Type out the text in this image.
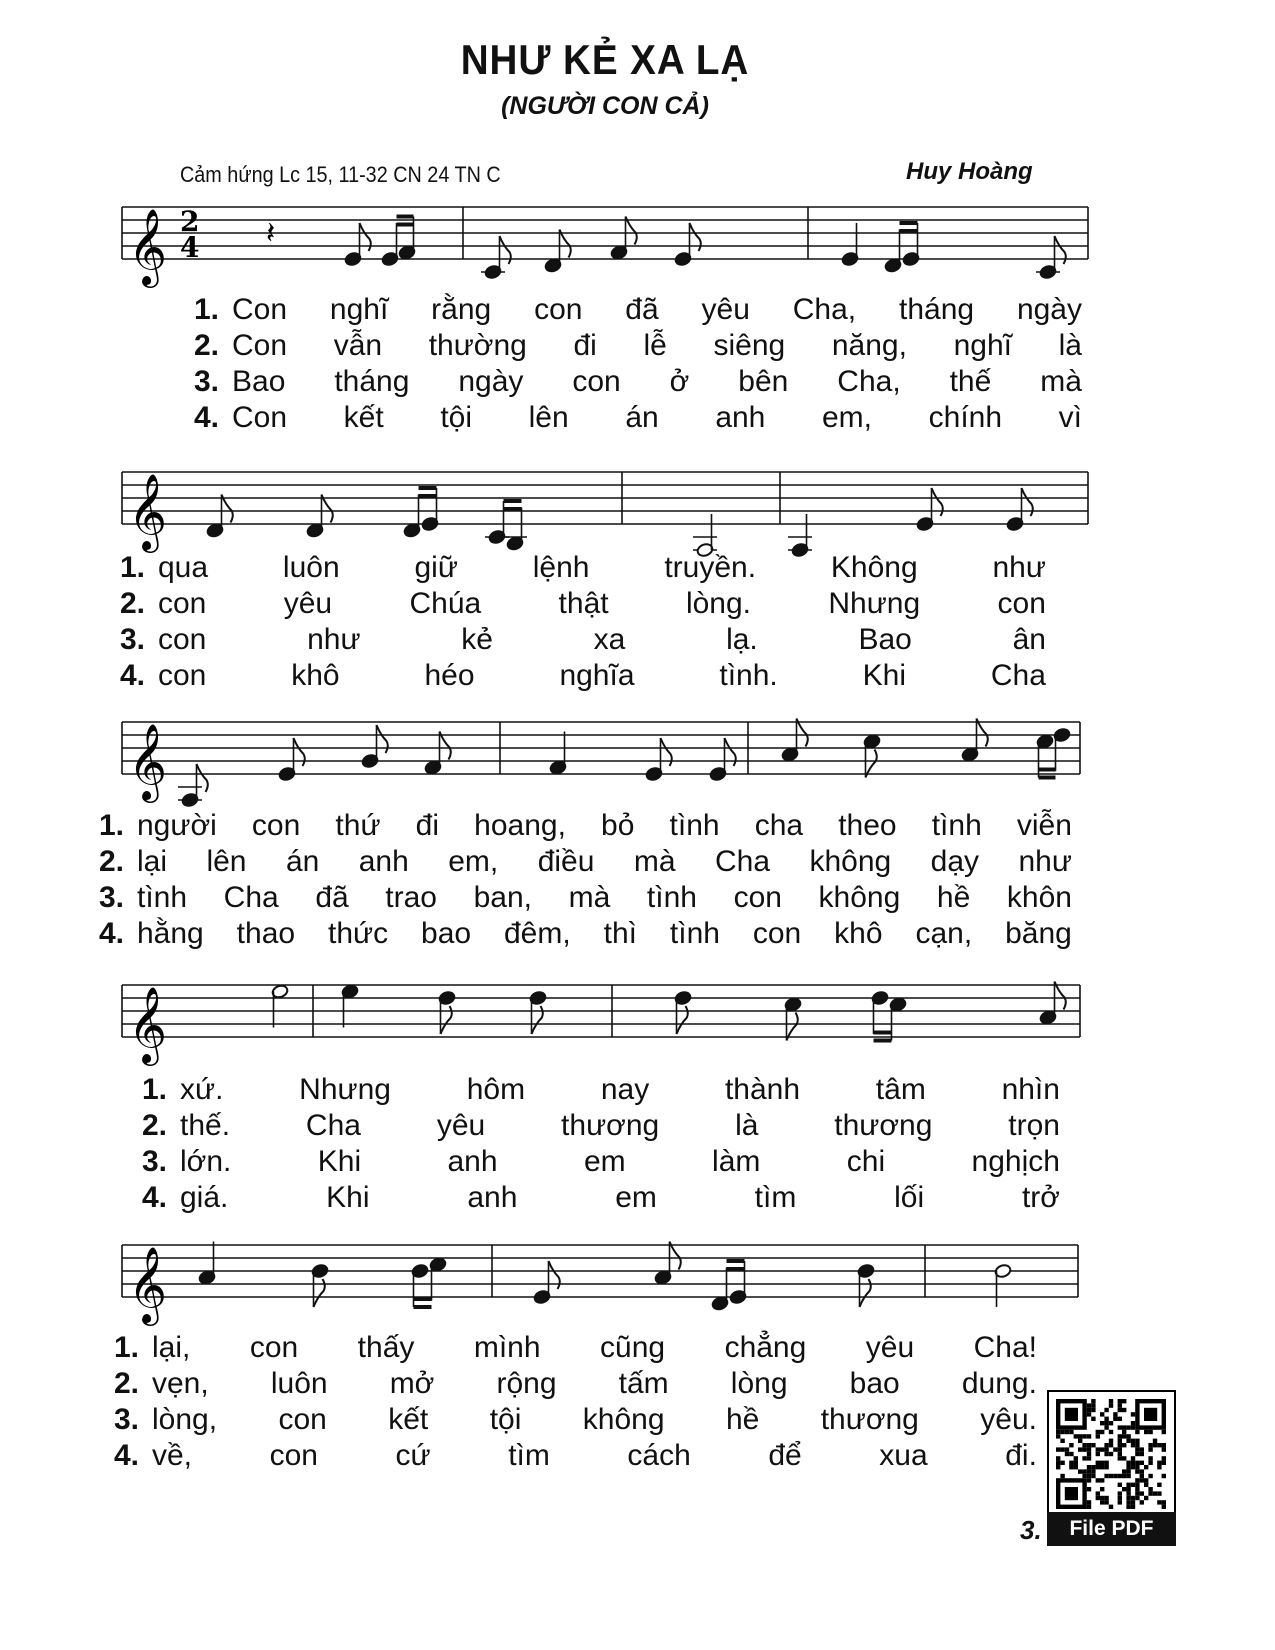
NHƯ KẺ XA LẠ
(NGƯỜI CON CẢ)
Cảm hứng Lc 15, 11-32 CN 24 TN C	Huy Hoàng
𝄞 2
4 𝄽
1. Con nghĩ rằng con đã yêu Cha, tháng ngày
2. Con vẫn thường đi lễ siêng năng, nghĩ là
3. Bao tháng ngày con ở bên Cha, thế mà
4. Con kết tội lên án anh em, chính vì
𝄞
1. qua luôn giữ lệnh truyền. Không như
2. con	yêu	Chúa	thật	lòng.	Nhưng	con
3. con	như	kẻ	xa	lạ.	Bao	ân
4. con	khô	héo	nghĩa	tình.	Khi	Cha
𝄞
1. người con thứ đi hoang, bỏ tình cha theo tình viễn
2. lại lên án anh em, điều mà Cha không dạy như
3. tình Cha đã trao ban, mà tình con không hề khôn
4. hằng thao thức bao đêm, thì tình con khô cạn, băng
𝄞
1. xứ.	Nhưng	hôm	nay	thành	tâm	nhìn
2. thế.	Cha	yêu	thương	là	thương	trọn
3. lớn.	Khi	anh	em	làm	chi	nghịch
4. giá.	Khi	anh	em	tìm	lối	trở
𝄞
1. lại, con thấy mình cũng chẳng yêu Cha!
2. vẹn, luôn mở rộng tấm lòng bao dung.
3. lòng, con kết tội không hề thương yêu.
4. về,	con	cứ	tìm	cách	để	xua	đi.
File PDF
3.
